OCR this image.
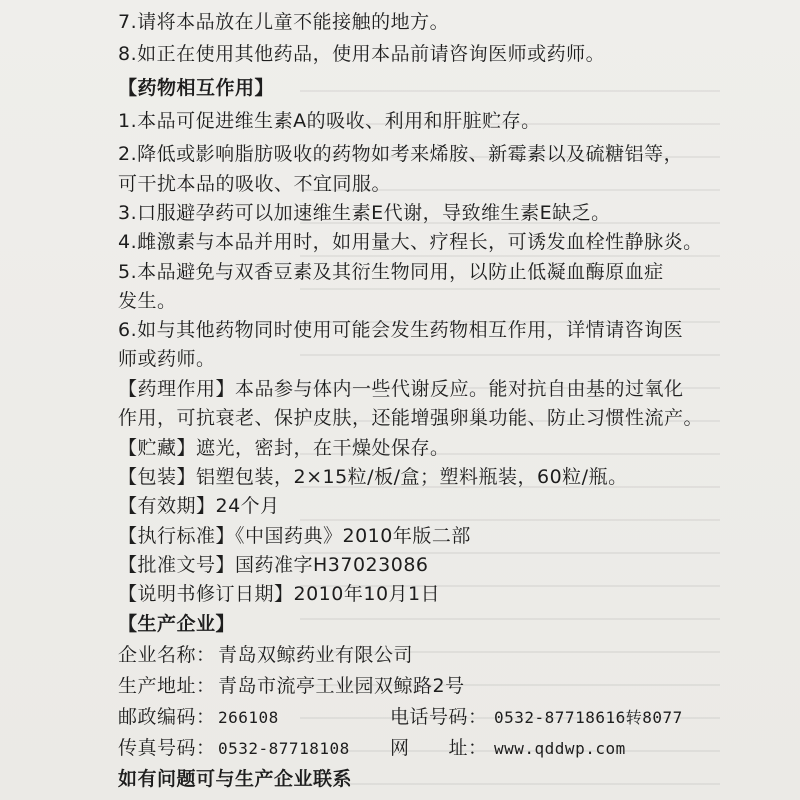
7.请将本品放在儿童不能接触的地方。
8.如正在使用其他药品，使用本品前请咨询医师或药师。
【药物相互作用】
1.本品可促进维生素A的吸收、利用和肝脏贮存。
2.降低或影响脂肪吸收的药物如考来烯胺、新霉素以及硫糖铝等，
可干扰本品的吸收、不宜同服。
3.口服避孕药可以加速维生素E代谢，导致维生素E缺乏。
4.雌激素与本品并用时，如用量大、疗程长，可诱发血栓性静脉炎。
5.本品避免与双香豆素及其衍生物同用，以防止低凝血酶原血症
发生。
6.如与其他药物同时使用可能会发生药物相互作用，详情请咨询医
师或药师。
【药理作用】本品参与体内一些代谢反应。能对抗自由基的过氧化
作用，可抗衰老、保护皮肤，还能增强卵巢功能、防止习惯性流产。
【贮藏】遮光，密封，在干燥处保存。
【包装】铝塑包装，2×15粒/板/盒；塑料瓶装，60粒/瓶。
【有效期】24个月
【执行标准】《中国药典》2010年版二部
【批准文号】国药准字H37023086
【说明书修订日期】2010年10月1日
【生产企业】
企业名称： 青岛双鲸药业有限公司
生产地址： 青岛市流亭工业园双鲸路2号
邮政编码： 266108	电话号码： 0532-87718616转8077
传真号码： 0532-87718108	网　　址： www.qddwp.com
如有问题可与生产企业联系
